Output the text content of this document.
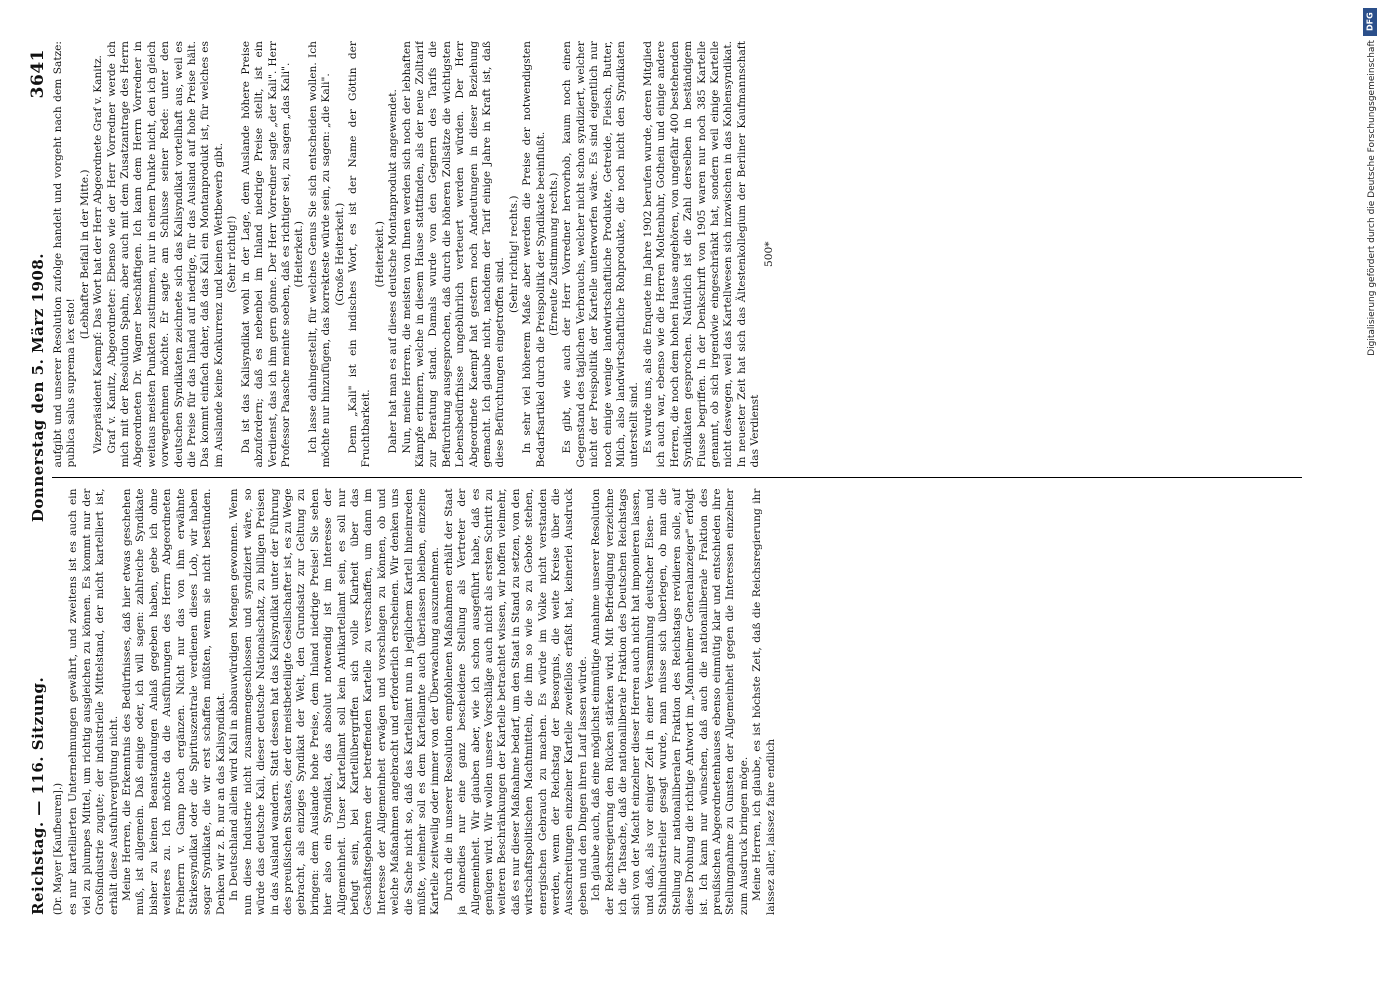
Reichstag. — 116. Sitzung.
Donnerstag den 5. März 1908.
3641

(Dr. Mayer [Kaufbeuren].) es nur kartellierten Unternehmungen gewährt, und zweitens ist es auch ein viel zu plumpes Mittel, um richtig ausgleichen zu können. Es kommt nur der Großindustrie zugute; der industrielle Mittelstand, der nicht kartelliert ist, erhält diese Ausfuhrvergütung nicht. Meine Herren, die Erkenntnis des Bedürfnisses, daß hier etwas geschehen muß, ist allgemein. Daß einige oder, ich will sagen: zahlreiche Syndikate bisher zu keinen Beanstandungen Anlaß gegeben haben, gebe ich ohne weiteres zu. Ich möchte da die Ausführungen des Herrn Abgeordneten Freiherrn v. Gamp noch ergänzen. Nicht nur das von ihm erwähnte Stärkesyndikat oder die Spirituszentrale verdienen dieses Lob, wir haben sogar Syndikate, die wir erst schaffen müßten, wenn sie nicht bestünden. Denken wir z. B. nur an das Kalisyndikat. In Deutschland allein wird Kali in abbauwürdigen Mengen gewonnen. Wenn nun diese Industrie nicht zusammengeschlossen und syndiziert wäre, so würde das deutsche Kali, dieser deutsche Nationalschatz, zu billigen Preisen in das Ausland wandern. Statt dessen hat das Kalisyndikat unter der Führung des preußischen Staates, der der meistbeteiligte Gesellschafter ist, es zu Wege gebracht, als einziges Syndikat der Welt, den Grundsatz zur Geltung zu bringen: dem Auslande hohe Preise, dem Inland niedrige Preise! Sie sehen hier also ein Syndikat, das absolut notwendig ist im Interesse der Allgemeinheit. Unser Kartellamt soll kein Antikartellamt sein, es soll nur befugt sein, bei Kartellübergriffen sich volle Klarheit über das Geschäftsgebahren der betreffenden Kartelle zu verschaffen, um dann im Interesse der Allgemeinheit erwägen und vorschlagen zu können, ob und welche Maßnahmen angebracht und erforderlich erscheinen. Wir denken uns die Sache nicht so, daß das Kartellamt nun in jeglichem Kartell hineinreden müßte, vielmehr soll es dem Kartellamte auch überlassen bleiben, einzelne Kartelle zeitweilig oder immer von der Überwachung auszunehmen. Durch die in unserer Resolution empfohlenen Maßnahmen erhält der Staat ja ohnedies nur eine ganz bescheidene Stellung als Vertreter der Allgemeinheit. Wir glauben aber, wie ich schon ausgeführt habe, daß es genügen wird. Wir wollen unsere Vorschläge auch nicht als ersten Schritt zu weiteren Beschränkungen der Kartelle betrachtet wissen, wir hoffen vielmehr, daß es nur dieser Maßnahme bedarf, um den Staat in Stand zu setzen, von den wirtschaftspolitischen Machtmitteln, die ihm so wie so zu Gebote stehen, energischen Gebrauch zu machen. Es würde im Volke nicht verstanden werden, wenn der Reichstag der Besorgnis, die weite Kreise über die Ausschreitungen einzelner Kartelle zweifellos erfaßt hat, keinerlei Ausdruck geben und den Dingen ihren Lauf lassen würde. Ich glaube auch, daß eine möglichst einmütige Annahme unserer Resolution der Reichsregierung den Rücken stärken wird. Mit Befriedigung verzeichne ich die Tatsache, daß die nationalliberale Fraktion des Deutschen Reichstags sich von der Macht einzelner dieser Herren auch nicht hat imponieren lassen, und daß, als vor einiger Zeit in einer Versammlung deutscher Eisen- und Stahlindustrieller gesagt wurde, man müsse sich überlegen, ob man die Stellung zur nationalliberalen Fraktion des Reichstags revidieren solle, auf diese Drohung die richtige Antwort im „Mannheimer Generalanzeiger" erfolgt ist. Ich kann nur wünschen, daß auch die nationalliberale Fraktion des preußischen Abgeordnetenhauses ebenso einmütig klar und entschieden ihre Stellungnahme zu Gunsten der Allgemeinheit gegen die Interessen einzelner zum Ausdruck bringen möge. Meine Herren, ich glaube, es ist höchste Zeit, daß die Reichsregierung ihr laissez aller, laissez faire endlich

aufgibt und unserer Resolution zufolge handelt und vorgeht nach dem Satze: publica salus suprema lex esto!

(Lebhafter Beifall in der Mitte.) Vizepräsident Kaempf: Das Wort hat der Herr Abgeordnete Graf v. Kanitz. Graf v. Kanitz, Abgeordneter: Ebenso wie der Herr Vorredner werde ich mich mit der Resolution Spahn, aber auch mit dem Zusatzantrage des Herrn Abgeordneten Dr. Wagner beschäftigen. Ich kann dem Herrn Vorredner in weitaus meisten Punkten zustimmen, nur in einem Punkte nicht, den ich gleich vorwegnehmen möchte. Er sagte am Schlusse seiner Rede: unter den deutschen Syndikaten zeichnete sich das Kalisyndikat vorteilhaft aus, weil es die Preise für das Inland auf niedrige, für das Ausland auf hohe Preise hält. Das kommt einfach daher, daß das Kali ein Montanprodukt ist, für welches es im Auslande keine Konkurrenz und keinen Wettbewerb gibt. (Sehr richtig!) Da ist das Kalisyndikat wohl in der Lage, dem Auslande höhere Preise abzufordern; daß es nebenbei im Inland niedrige Preise stellt, ist ein Verdienst, das ich ihm gern gönne. Der Herr Vorredner sagte „der Kali". Herr Professor Paasche meinte soeben, daß es richtiger sei, zu sagen „das Kali". (Heiterkeit.) Ich lasse dahingestellt, für welches Genus Sie sich entscheiden wollen. Ich möchte nur hinzufügen, das korrekteste würde sein, zu sagen: „die Kali". (Große Heiterkeit.) Denn „Kali" ist ein indisches Wort, es ist der Name der Göttin der Fruchtbarkeit.

(Heiterkeit.) Daher hat man es auf dieses deutsche Montanprodukt angewendet. Nun, meine Herren, die meisten von Ihnen werden sich noch der lebhaften Kämpfe erinnern, welche in diesem Hause stattfanden, als der neue Zolltarif zur Beratung stand. Damals wurde von den Gegnern des Tarifs die Befürchtung ausgesprochen, daß durch die höheren Zollsätze die wichtigsten Lebensbedürfnisse ungebührlich verteuert werden würden. Der Herr Abgeordnete Kaempf hat gestern noch Andeutungen in dieser Beziehung gemacht. Ich glaube nicht, nachdem der Tarif einige Jahre in Kraft ist, daß diese Befürchtungen eingetroffen sind.

(Sehr richtig! rechts.) In sehr viel höherem Maße aber werden die Preise der notwendigsten Bedarfsartikel durch die Preispolitik der Syndikate beeinflußt. (Erneute Zustimmung rechts.) Es gibt, wie auch der Herr Vorredner hervorhob, kaum noch einen Gegenstand des täglichen Verbrauchs, welcher nicht schon syndiziert, welcher nicht der Preispolitik der Kartelle unterworfen wäre. Es sind eigentlich nur noch einige wenige landwirtschaftliche Produkte, Getreide, Fleisch, Butter, Milch, also landwirtschaftliche Rohprodukte, die noch nicht den Syndikaten unterstellt sind. Es wurde uns, als die Enquete im Jahre 1902 berufen wurde, deren Mitglied ich auch war, ebenso wie die Herren Moltenbuhr, Gothein und einige andere Herren, die noch dem hohen Hause angehören, von ungefähr 400 bestehenden Syndikaten gesprochen. Natürlich ist die Zahl derselben in beständigem Flusse begriffen. In der Denkschrift von 1905 waren nur noch 385 Kartelle genannt, ob sich irgendwie eingeschränkt hat, sondern weil einige Kartelle nicht deswegen, weil das Kartellwesen sich inzwischen in das Kohlensyndikat. In neuester Zeit hat sich das Ältestenkollegium der Berliner Kaufmannschaft das Verdienst

500*	Digitalisierung gefördert durch die Deutsche Forschungsgemeinschaft
DFG
